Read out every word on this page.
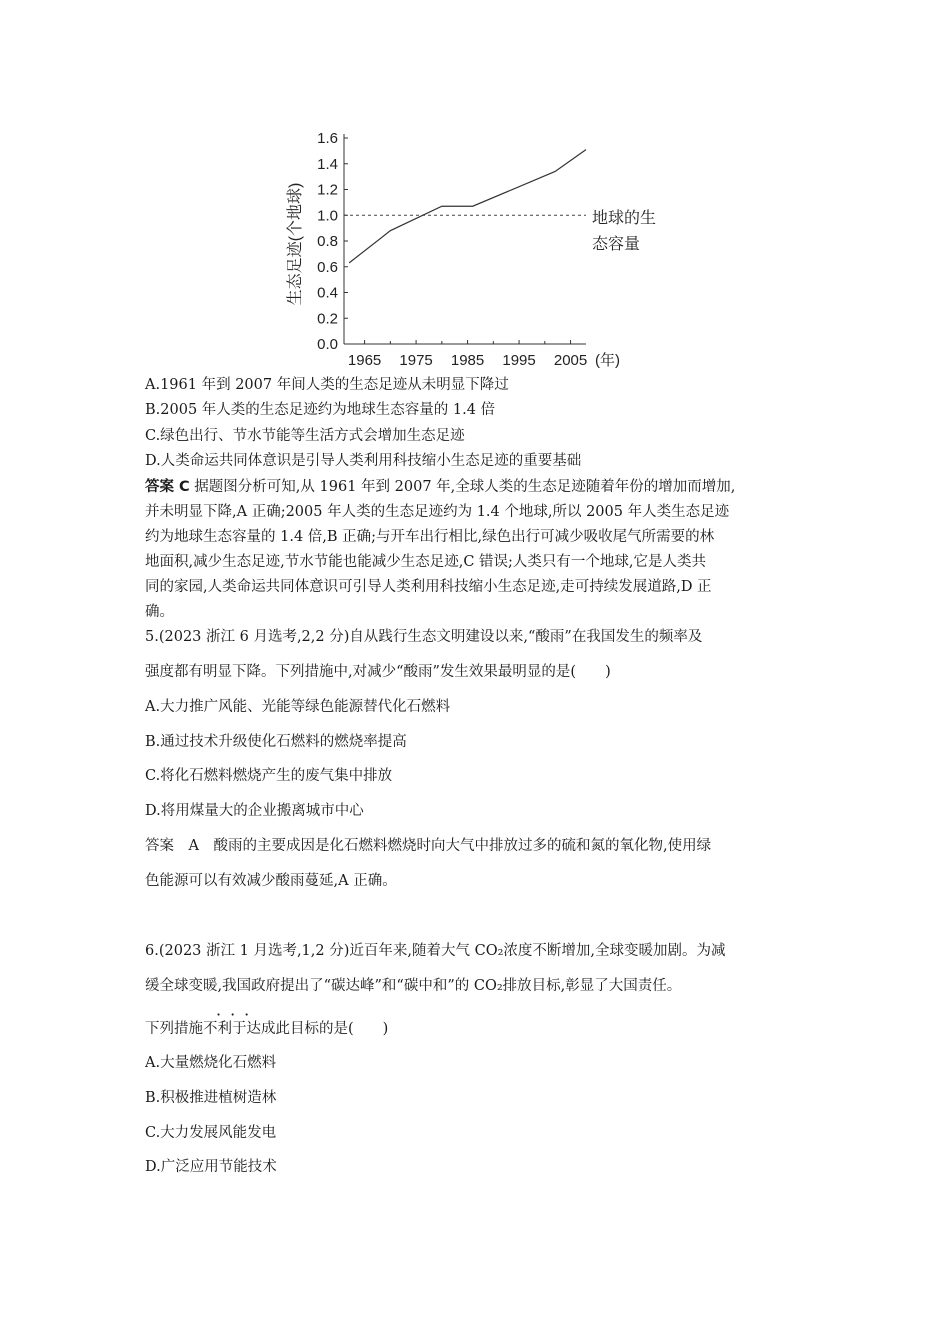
0.0
0.2
0.4
0.6
0.8
1.0
1.2
1.4
1.6
1965 1975 1985 1995 2005 (年)
生态足迹(个地球)	地球的生
态容量
A.1961 年到 2007 年间人类的生态足迹从未明显下降过
B.2005 年人类的生态足迹约为地球生态容量的 1.4 倍
C.绿色出行、节水节能等生活方式会增加生态足迹
D.人类命运共同体意识是引导人类利用科技缩小生态足迹的重要基础
答案 C 据题图分析可知,从 1961 年到 2007 年,全球人类的生态足迹随着年份的增加而增加,
并未明显下降,A 正确;2005 年人类的生态足迹约为 1.4 个地球,所以 2005 年人类生态足迹
约为地球生态容量的 1.4 倍,B 正确;与开车出行相比,绿色出行可减少吸收尾气所需要的林
地面积,减少生态足迹,节水节能也能减少生态足迹,C 错误;人类只有一个地球,它是人类共
同的家园,人类命运共同体意识可引导人类利用科技缩小生态足迹,走可持续发展道路,D 正
确。
5.(2023 浙江 6 月选考,2,2 分)自从践行生态文明建设以来,“酸雨”在我国发生的频率及
强度都有明显下降。下列措施中,对减少“酸雨”发生效果最明显的是(　　)
A.大力推广风能、光能等绿色能源替代化石燃料
B.通过技术升级使化石燃料的燃烧率提高
C.将化石燃料燃烧产生的废气集中排放
D.将用煤量大的企业搬离城市中心
答案　A　酸雨的主要成因是化石燃料燃烧时向大气中排放过多的硫和氮的氧化物,使用绿
色能源可以有效减少酸雨蔓延,A 正确。
6.(2023 浙江 1 月选考,1,2 分)近百年来,随着大气 CO₂浓度不断增加,全球变暖加剧。为减
缓全球变暖,我国政府提出了“碳达峰”和“碳中和”的 CO₂排放目标,彰显了大国责任。
···
下列措施不利于达成此目标的是(　　)
A.大量燃烧化石燃料
B.积极推进植树造林
C.大力发展风能发电
D.广泛应用节能技术
